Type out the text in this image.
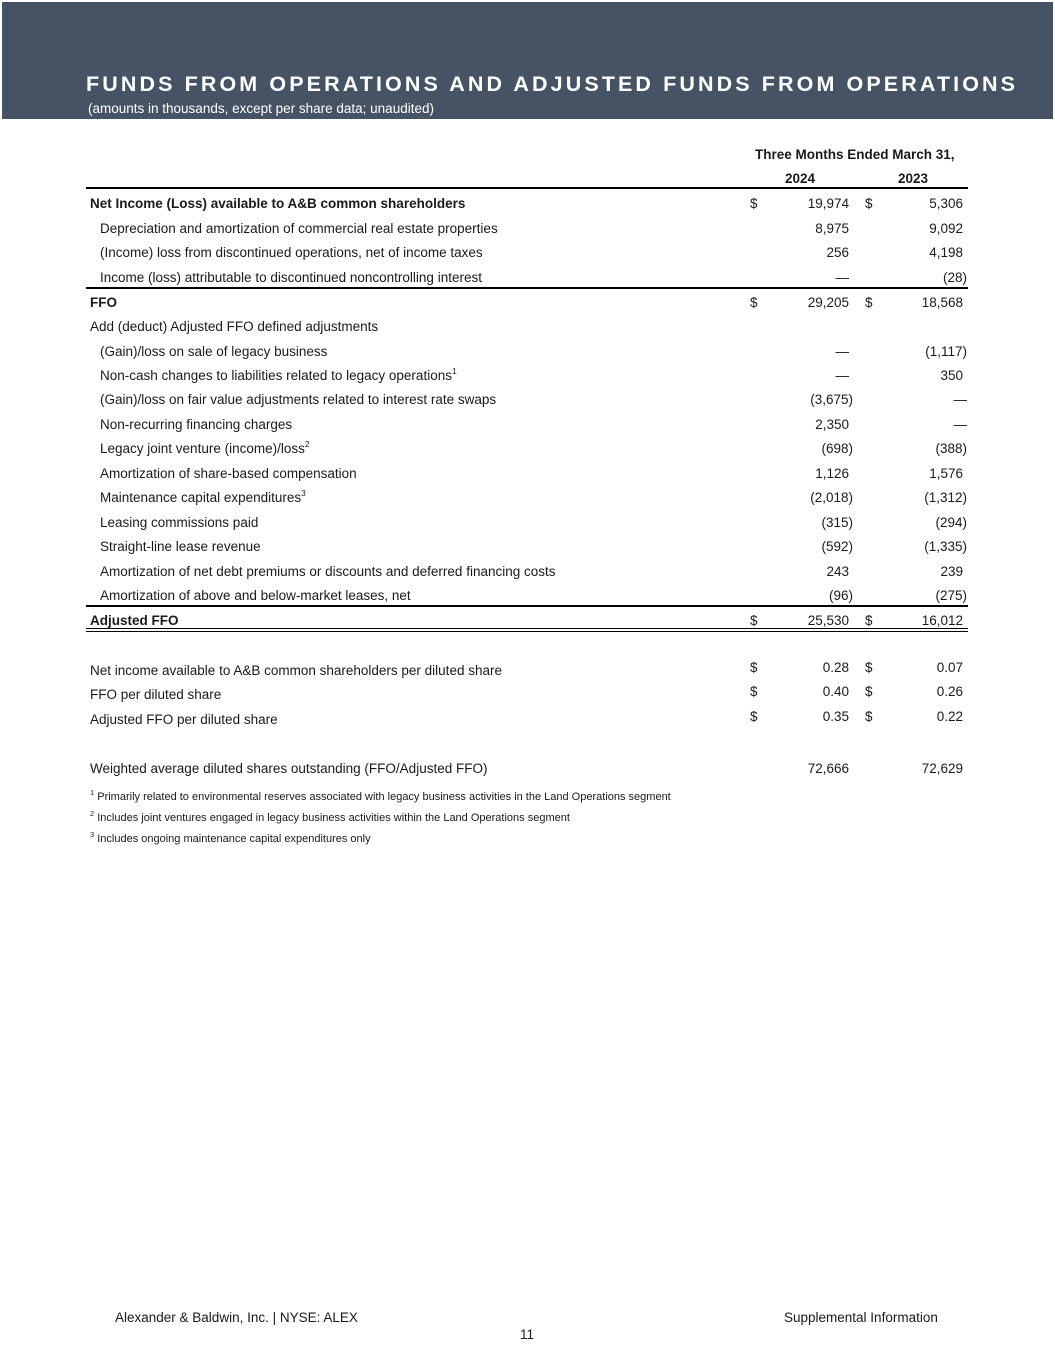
FUNDS FROM OPERATIONS AND ADJUSTED FUNDS FROM OPERATIONS
(amounts in thousands, except per share data; unaudited)
Three Months Ended March 31,
2024	2023
Net Income (Loss) available to A&B common shareholders	$	19,974 $	5,306
Depreciation and amortization of commercial real estate properties	8,975	9,092
(Income) loss from discontinued operations, net of income taxes	256	4,198
Income (loss) attributable to discontinued noncontrolling interest	—	(28)
FFO	$	29,205 $	18,568
Add (deduct) Adjusted FFO defined adjustments
(Gain)/loss on sale of legacy business	—	(1,117)
Non-cash changes to liabilities related to legacy operations$^1$	—	350
(Gain)/loss on fair value adjustments related to interest rate swaps	(3,675)	—
Non-recurring financing charges	2,350	—
Legacy joint venture (income)/loss$^2$	(698)	(388)
Amortization of share-based compensation	1,126	1,576
Maintenance capital expenditures$^3$	(2,018)	(1,312)
Leasing commissions paid	(315)	(294)
Straight-line lease revenue	(592)	(1,335)
Amortization of net debt premiums or discounts and deferred financing costs	243	239
Amortization of above and below-market leases, net	(96)	(275)
Adjusted FFO	$	25,530 $	16,012
Net income available to A&B common shareholders per diluted share	$	0.28 $	0.07
FFO per diluted share	$	0.40 $	0.26
Adjusted FFO per diluted share	$	0.35 $	0.22
Weighted average diluted shares outstanding (FFO/Adjusted FFO)	72,666	72,629
$^1$ Primarily related to environmental reserves associated with legacy business activities in the Land Operations segment
$^2$ Includes joint ventures engaged in legacy business activities within the Land Operations segment
$^3$ Includes ongoing maintenance capital expenditures only
Alexander & Baldwin, Inc. | NYSE: ALEX	Supplemental Information
11
